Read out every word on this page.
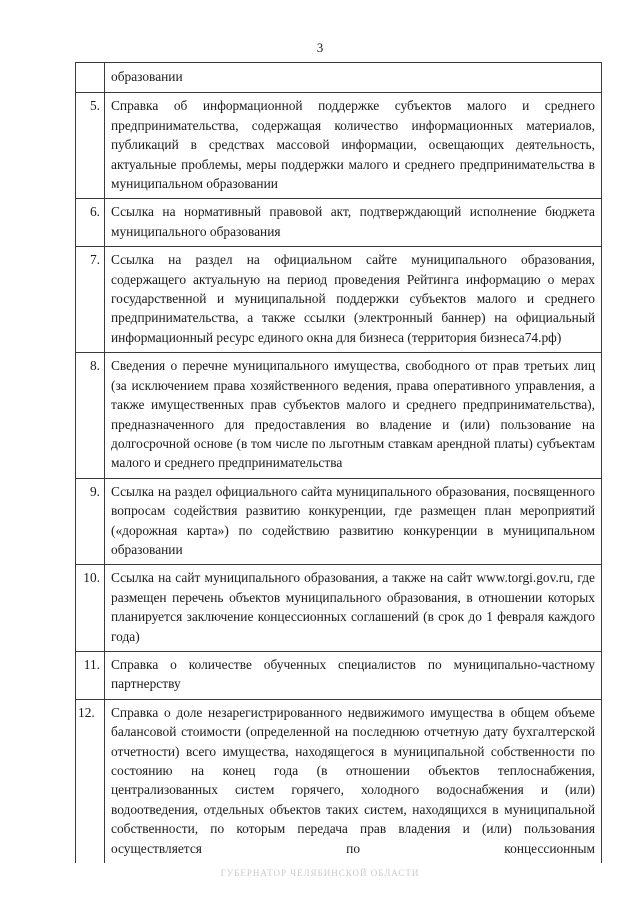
3
	образовании
5.	Справка об информационной поддержке субъектов малого и среднего предпринимательства, содержащая количество информационных материалов, публикаций в средствах массовой информации, освещающих деятельность, актуальные проблемы, меры поддержки малого и среднего предпринимательства в муниципальном образовании
6.	Ссылка на нормативный правовой акт, подтверждающий исполнение бюджета муниципального образования
7.	Ссылка на раздел на официальном сайте муниципального образования, содержащего актуальную на период проведения Рейтинга информацию о мерах государственной и муниципальной поддержки субъектов малого и среднего предпринимательства, а также ссылки (электронный баннер) на официальный информационный ресурс единого окна для бизнеса (территория бизнеса74.рф)
8.	Сведения о перечне муниципального имущества, свободного от прав третьих лиц (за исключением права хозяйственного ведения, права оперативного управления, а также имущественных прав субъектов малого и среднего предпринимательства), предназначенного для предоставления во владение и (или) пользование на долгосрочной основе (в том числе по льготным ставкам арендной платы) субъектам малого и среднего предпринимательства
9.	Ссылка на раздел официального сайта муниципального образования, посвященного вопросам содействия развитию конкуренции, где размещен план мероприятий («дорожная карта») по содействию развитию конкуренции в муниципальном образовании
10.	Ссылка на сайт муниципального образования, а также на сайт www.torgi.gov.ru, где размещен перечень объектов муниципального образования, в отношении которых планируется заключение концессионных соглашений (в срок до 1 февраля каждого года)
11.	Справка о количестве обученных специалистов по муниципально-частному партнерству
12.	Справка о доле незарегистрированного недвижимого имущества в общем объеме балансовой стоимости (определенной на последнюю отчетную дату бухгалтерской отчетности) всего имущества, находящегося в муниципальной собственности по состоянию на конец года (в отношении объектов теплоснабжения, централизованных систем горячего, холодного водоснабжения и (или) водоотведения, отдельных объектов таких систем, находящихся в муниципальной собственности, по которым передача прав владения и (или) пользования осуществляется по концессионным
ГУБЕРНАТОР ЧЕЛЯБИНСКОЙ ОБЛАСТИ
